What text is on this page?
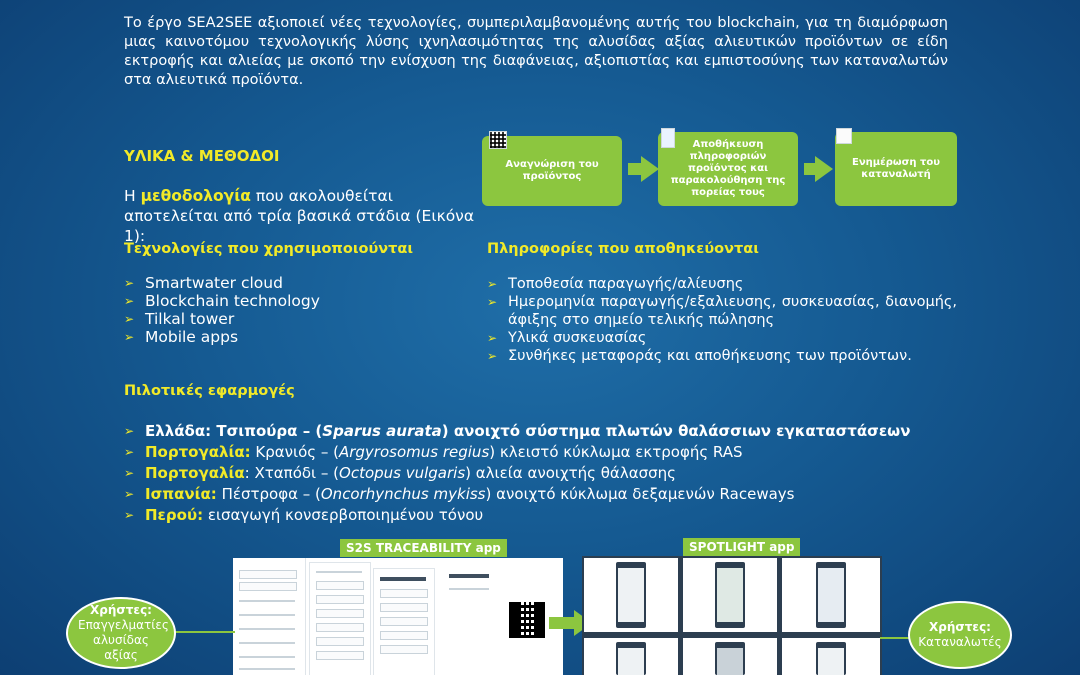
Το έργο SEA2SEE αξιοποιεί νέες τεχνολογίες, συμπεριλαμβανομένης αυτής του blockchain, για τη διαμόρφωση μιας καινοτόμου τεχνολογικής λύσης ιχνηλασιμότητας της αλυσίδας αξίας αλιευτικών προϊόντων σε είδη εκτροφής και αλιείας με σκοπό την ενίσχυση της διαφάνειας, αξιοπιστίας και εμπιστοσύνης των καταναλωτών στα αλιευτικά προϊόντα.
ΥΛΙΚΑ & ΜΕΘΟΔΟΙ
Η μεθοδολογία που ακολουθείται αποτελείται από τρία βασικά στάδια (Εικόνα 1):
Αναγνώριση του προϊόντος
Αποθήκευση πληροφοριών προϊόντος και παρακολούθηση της πορείας τους
Ενημέρωση του καταναλωτή
Τεχνολογίες που χρησιμοποιούνται
➢ Smartwater cloud
➢ Blockchain technology
➢ Tilkal tower
➢ Mobile apps
Πληροφορίες που αποθηκεύονται
➢ Τοποθεσία παραγωγής/αλίευσης
➢ Ημερομηνία παραγωγής/εξαλιευσης, συσκευασίας, διανομής, άφιξης στο σημείο τελικής πώλησης
➢ Υλικά συσκευασίας
➢ Συνθήκες μεταφοράς και αποθήκευσης των προϊόντων.
Πιλοτικές εφαρμογές
➢ Ελλάδα: Τσιπούρα – (Sparus aurata) ανοιχτό σύστημα πλωτών θαλάσσιων εγκαταστάσεων
➢ Πορτογαλία: Κρανιός – (Argyrosomus regius) κλειστό κύκλωμα εκτροφής RAS
➢ Πορτογαλία: Χταπόδι – (Octopus vulgaris) αλιεία ανοιχτής θάλασσης
➢ Ισπανία: Πέστροφα – (Oncorhynchus mykiss) ανοιχτό κύκλωμα δεξαμενών Raceways
➢ Περού: εισαγωγή κονσερβοποιημένου τόνου
S2S TRACEABILITY app	SPOTLIGHT app
Χρήστες:
Επαγγελματίες αλυσίδας αξίας
Χρήστες:
Καταναλωτές
